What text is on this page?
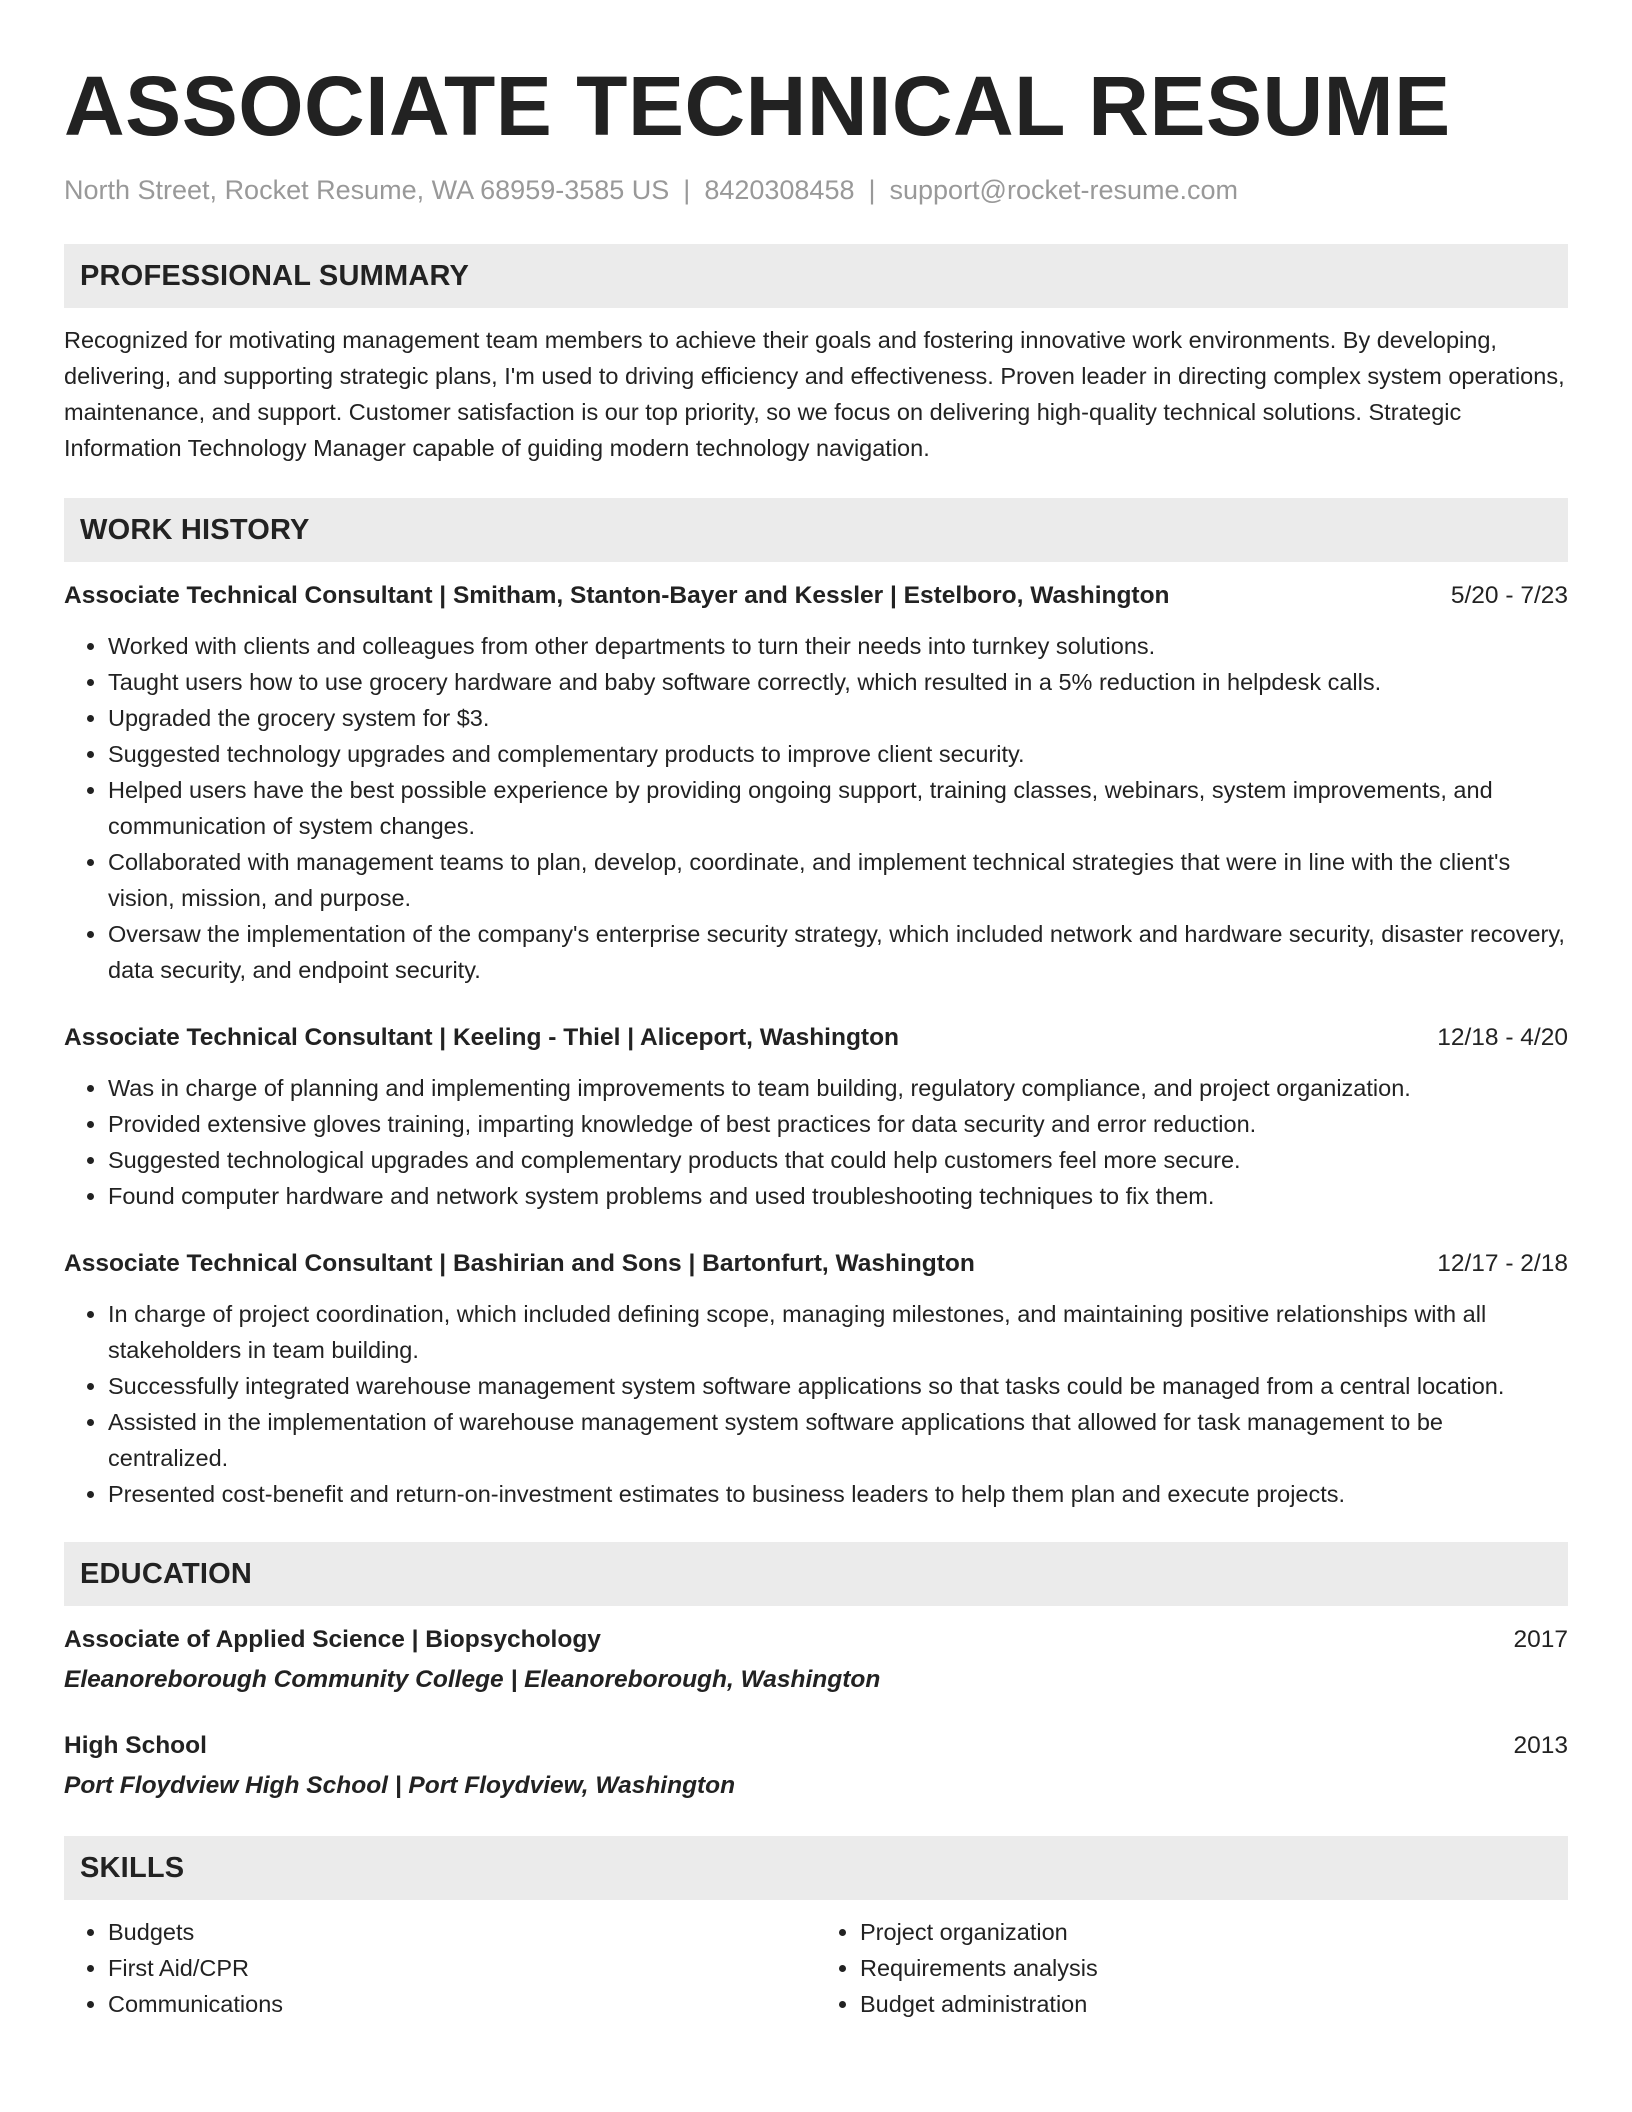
ASSOCIATE TECHNICAL RESUME
North Street, Rocket Resume, WA 68959-3585 US | 8420308458 | support@rocket-resume.com
PROFESSIONAL SUMMARY

Recognized for motivating management team members to achieve their goals and fostering innovative work environments. By developing, delivering, and supporting strategic plans, I'm used to driving efficiency and effectiveness. Proven leader in directing complex system operations, maintenance, and support. Customer satisfaction is our top priority, so we focus on delivering high-quality technical solutions. Strategic Information Technology Manager capable of guiding modern technology navigation.

WORK HISTORY
Associate Technical Consultant | Smitham, Stanton-Bayer and Kessler | Estelboro, Washington	5/20 - 7/23
• Worked with clients and colleagues from other departments to turn their needs into turnkey solutions.
• Taught users how to use grocery hardware and baby software correctly, which resulted in a 5% reduction in helpdesk calls.
• Upgraded the grocery system for $3.
• Suggested technology upgrades and complementary products to improve client security.
• Helped users have the best possible experience by providing ongoing support, training classes, webinars, system improvements, and communication of system changes.
• Collaborated with management teams to plan, develop, coordinate, and implement technical strategies that were in line with the client's vision, mission, and purpose.
• Oversaw the implementation of the company's enterprise security strategy, which included network and hardware security, disaster recovery, data security, and endpoint security.
Associate Technical Consultant | Keeling - Thiel | Aliceport, Washington	12/18 - 4/20
• Was in charge of planning and implementing improvements to team building, regulatory compliance, and project organization.
• Provided extensive gloves training, imparting knowledge of best practices for data security and error reduction.
• Suggested technological upgrades and complementary products that could help customers feel more secure.
• Found computer hardware and network system problems and used troubleshooting techniques to fix them.
Associate Technical Consultant | Bashirian and Sons | Bartonfurt, Washington	12/17 - 2/18
• In charge of project coordination, which included defining scope, managing milestones, and maintaining positive relationships with all stakeholders in team building.
• Successfully integrated warehouse management system software applications so that tasks could be managed from a central location.
• Assisted in the implementation of warehouse management system software applications that allowed for task management to be centralized.
• Presented cost-benefit and return-on-investment estimates to business leaders to help them plan and execute projects.
EDUCATION
Associate of Applied Science | Biopsychology	2017
Eleanoreborough Community College | Eleanoreborough, Washington
High School	2013
Port Floydview High School | Port Floydview, Washington
SKILLS
• Budgets
• First Aid/CPR
• Communications
• Project organization
• Requirements analysis
• Budget administration
